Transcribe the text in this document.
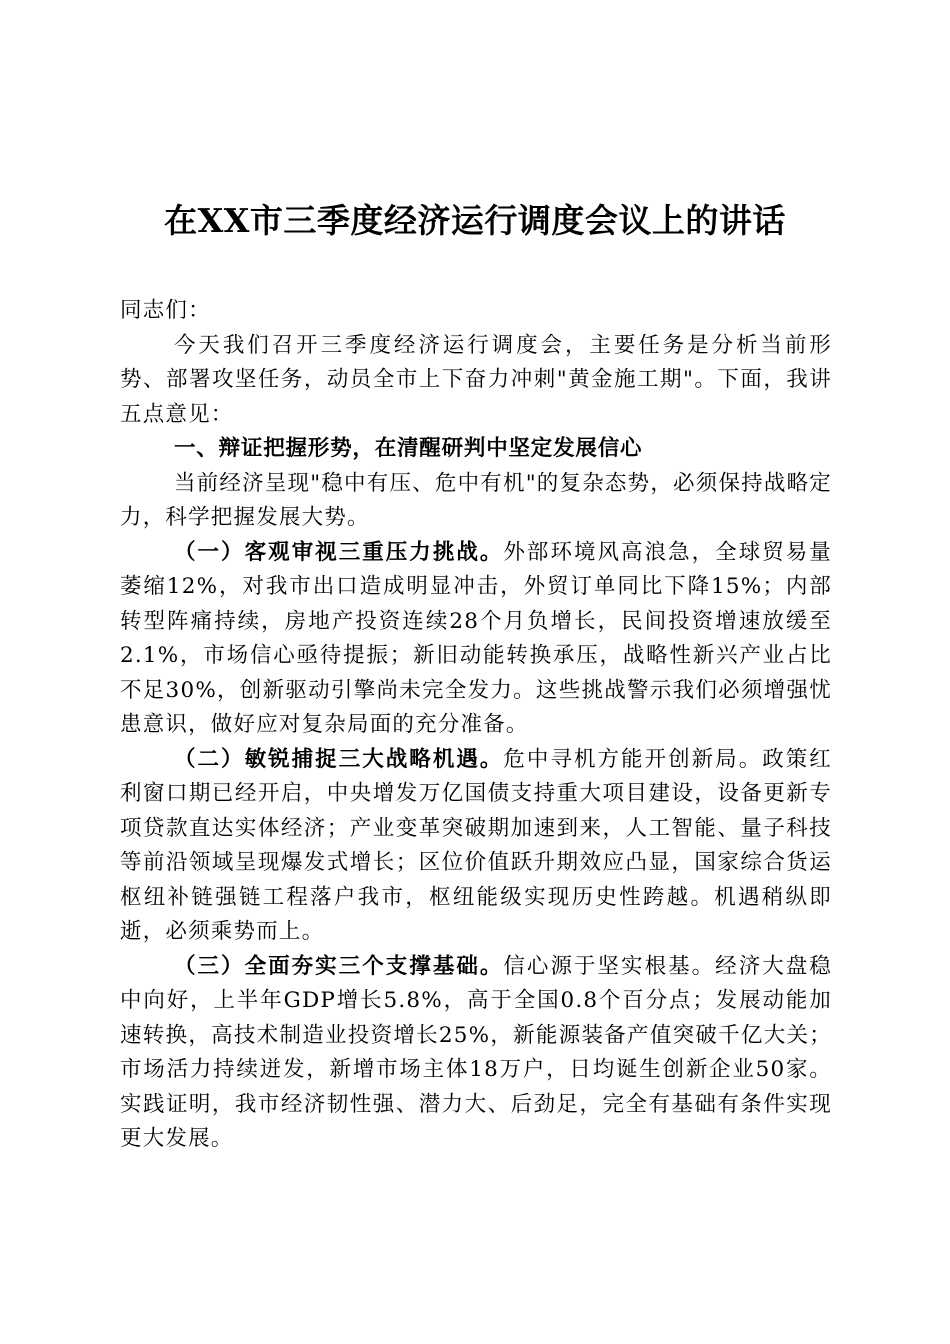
在XX市三季度经济运行调度会议上的讲话

同志们：

今天我们召开三季度经济运行调度会，主要任务是分析当前形势、部署攻坚任务，动员全市上下奋力冲刺"黄金施工期"。下面，我讲五点意见：

一、辩证把握形势，在清醒研判中坚定发展信心

当前经济呈现"稳中有压、危中有机"的复杂态势，必须保持战略定力，科学把握发展大势。

（一）客观审视三重压力挑战。外部环境风高浪急，全球贸易量萎缩12%，对我市出口造成明显冲击，外贸订单同比下降15%；内部转型阵痛持续，房地产投资连续28个月负增长，民间投资增速放缓至2.1%，市场信心亟待提振；新旧动能转换承压，战略性新兴产业占比不足30%，创新驱动引擎尚未完全发力。这些挑战警示我们必须增强忧患意识，做好应对复杂局面的充分准备。

（二）敏锐捕捉三大战略机遇。危中寻机方能开创新局。政策红利窗口期已经开启，中央增发万亿国债支持重大项目建设，设备更新专项贷款直达实体经济；产业变革突破期加速到来，人工智能、量子科技等前沿领域呈现爆发式增长；区位价值跃升期效应凸显，国家综合货运枢纽补链强链工程落户我市，枢纽能级实现历史性跨越。机遇稍纵即逝，必须乘势而上。

（三）全面夯实三个支撑基础。信心源于坚实根基。经济大盘稳中向好，上半年GDP增长5.8%，高于全国0.8个百分点；发展动能加速转换，高技术制造业投资增长25%，新能源装备产值突破千亿大关；市场活力持续迸发，新增市场主体18万户，日均诞生创新企业50家。实践证明，我市经济韧性强、潜力大、后劲足，完全有基础有条件实现更大发展。
